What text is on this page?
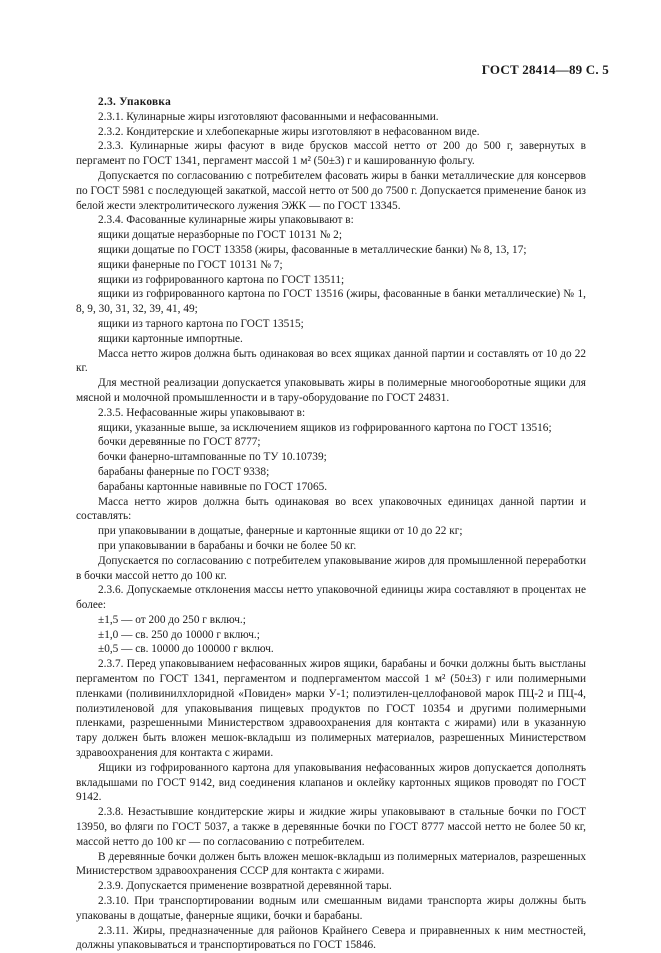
ГОСТ 28414—89 С. 5

2.3. Упаковка

2.3.1. Кулинарные жиры изготовляют фасованными и нефасованными.

2.3.2. Кондитерские и хлебопекарные жиры изготовляют в нефасованном виде.

2.3.3. Кулинарные жиры фасуют в виде брусков массой нетто от 200 до 500 г, завернутых в пергамент по ГОСТ 1341, пергамент массой 1 м² (50±3) г и кашированную фольгу.

Допускается по согласованию с потребителем фасовать жиры в банки металлические для консервов по ГОСТ 5981 с последующей закаткой, массой нетто от 500 до 7500 г. Допускается применение банок из белой жести электролитического лужения ЭЖК — по ГОСТ 13345.

2.3.4. Фасованные кулинарные жиры упаковывают в:

ящики дощатые неразборные по ГОСТ 10131 № 2;

ящики дощатые по ГОСТ 13358 (жиры, фасованные в металлические банки) № 8, 13, 17;

ящики фанерные по ГОСТ 10131 № 7;

ящики из гофрированного картона по ГОСТ 13511;

ящики из гофрированного картона по ГОСТ 13516 (жиры, фасованные в банки металлические) № 1, 8, 9, 30, 31, 32, 39, 41, 49;

ящики из тарного картона по ГОСТ 13515;

ящики картонные импортные.

Масса нетто жиров должна быть одинаковая во всех ящиках данной партии и составлять от 10 до 22 кг.

Для местной реализации допускается упаковывать жиры в полимерные многооборотные ящики для мясной и молочной промышленности и в тару-оборудование по ГОСТ 24831.

2.3.5. Нефасованные жиры упаковывают в:

ящики, указанные выше, за исключением ящиков из гофрированного картона по ГОСТ 13516;

бочки деревянные по ГОСТ 8777;

бочки фанерно-штампованные по ТУ 10.10739;

барабаны фанерные по ГОСТ 9338;

барабаны картонные навивные по ГОСТ 17065.

Масса нетто жиров должна быть одинаковая во всех упаковочных единицах данной партии и составлять:

при упаковывании в дощатые, фанерные и картонные ящики от 10 до 22 кг;

при упаковывании в барабаны и бочки не более 50 кг.

Допускается по согласованию с потребителем упаковывание жиров для промышленной переработки в бочки массой нетто до 100 кг.

2.3.6. Допускаемые отклонения массы нетто упаковочной единицы жира составляют в процентах не более:

±1,5 — от 200 до 250 г включ.;

±1,0 — св. 250 до 10000 г включ.;

±0,5 — св. 10000 до 100000 г включ.

2.3.7. Перед упаковыванием нефасованных жиров ящики, барабаны и бочки должны быть выстланы пергаментом по ГОСТ 1341, пергаментом и подпергаментом массой 1 м² (50±3) г или полимерными пленками (поливинилхлоридной «Повиден» марки У-1; полиэтилен-целлофановой марок ПЦ-2 и ПЦ-4, полиэтиленовой для упаковывания пищевых продуктов по ГОСТ 10354 и другими полимерными пленками, разрешенными Министерством здравоохранения для контакта с жирами) или в указанную тару должен быть вложен мешок-вкладыш из полимерных материалов, разрешенных Министерством здравоохранения для контакта с жирами.

Ящики из гофрированного картона для упаковывания нефасованных жиров допускается дополнять вкладышами по ГОСТ 9142, вид соединения клапанов и оклейку картонных ящиков проводят по ГОСТ 9142.

2.3.8. Незастывшие кондитерские жиры и жидкие жиры упаковывают в стальные бочки по ГОСТ 13950, во фляги по ГОСТ 5037, а также в деревянные бочки по ГОСТ 8777 массой нетто не более 50 кг, массой нетто до 100 кг — по согласованию с потребителем.

В деревянные бочки должен быть вложен мешок-вкладыш из полимерных материалов, разрешенных Министерством здравоохранения СССР для контакта с жирами.

2.3.9. Допускается применение возвратной деревянной тары.

2.3.10. При транспортировании водным или смешанным видами транспорта жиры должны быть упакованы в дощатые, фанерные ящики, бочки и барабаны.

2.3.11. Жиры, предназначенные для районов Крайнего Севера и приравненных к ним местностей, должны упаковываться и транспортироваться по ГОСТ 15846.
